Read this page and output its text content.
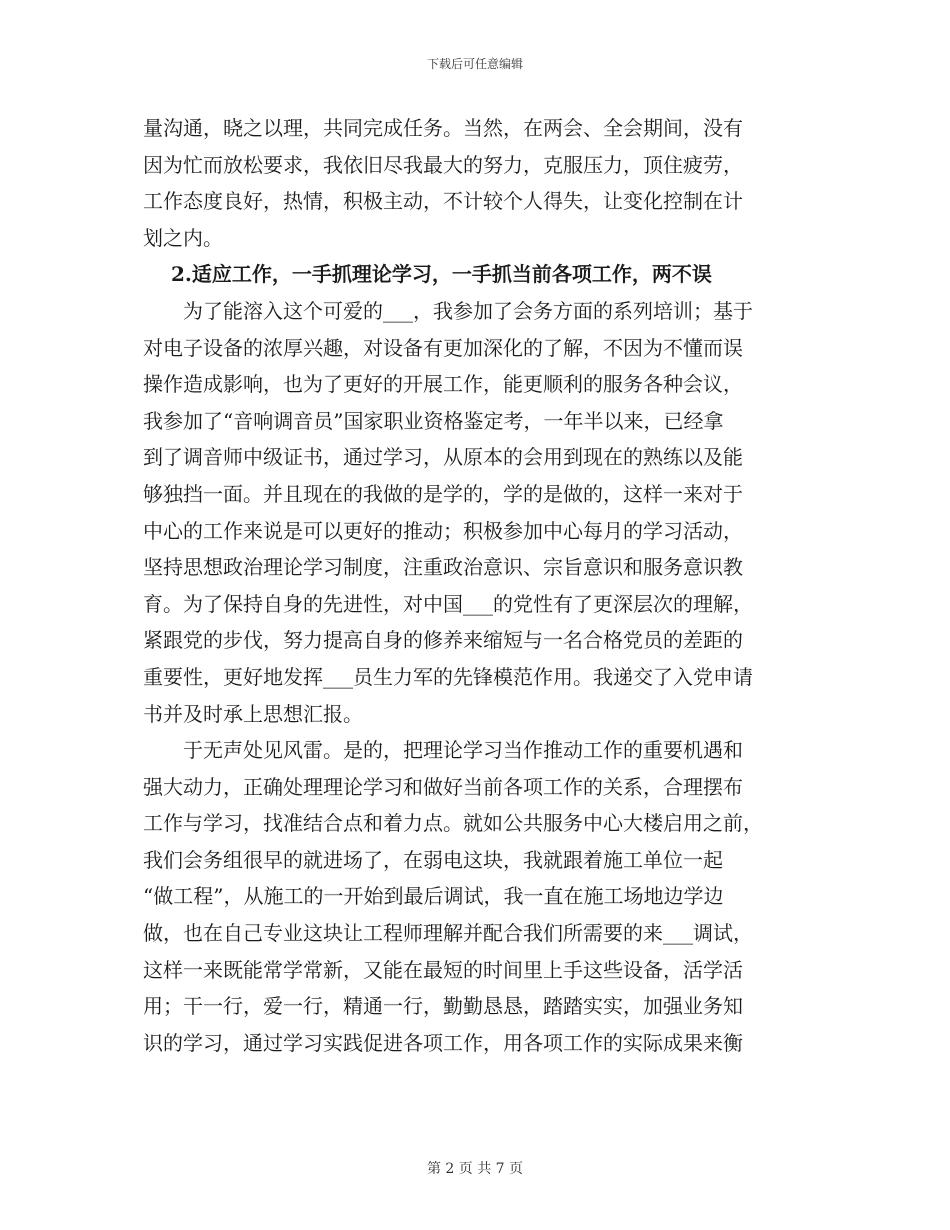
下载后可任意编辑
量沟通，晓之以理，共同完成任务。当然，在两会、全会期间，没有
因为忙而放松要求，我依旧尽我最大的努力，克服压力，顶住疲劳，
工作态度良好，热情，积极主动，不计较个人得失，让变化控制在计
划之内。
2.适应工作，一手抓理论学习，一手抓当前各项工作，两不误
为了能溶入这个可爱的___，我参加了会务方面的系列培训；基于
对电子设备的浓厚兴趣，对设备有更加深化的了解，不因为不懂而误
操作造成影响，也为了更好的开展工作，能更顺利的服务各种会议，
我参加了“音响调音员”国家职业资格鉴定考，一年半以来，已经拿
到了调音师中级证书，通过学习，从原本的会用到现在的熟练以及能
够独挡一面。并且现在的我做的是学的，学的是做的，这样一来对于
中心的工作来说是可以更好的推动；积极参加中心每月的学习活动，
坚持思想政治理论学习制度，注重政治意识、宗旨意识和服务意识教
育。为了保持自身的先进性，对中国___的党性有了更深层次的理解，
紧跟党的步伐，努力提高自身的修养来缩短与一名合格党员的差距的
重要性，更好地发挥___员生力军的先锋模范作用。我递交了入党申请
书并及时承上思想汇报。
于无声处见风雷。是的，把理论学习当作推动工作的重要机遇和
强大动力，正确处理理论学习和做好当前各项工作的关系，合理摆布
工作与学习，找准结合点和着力点。就如公共服务中心大楼启用之前，
我们会务组很早的就进场了，在弱电这块，我就跟着施工单位一起
“做工程”，从施工的一开始到最后调试，我一直在施工场地边学边
做，也在自己专业这块让工程师理解并配合我们所需要的来___调试，
这样一来既能常学常新，又能在最短的时间里上手这些设备，活学活
用；干一行，爱一行，精通一行，勤勤恳恳，踏踏实实，加强业务知
识的学习，通过学习实践促进各项工作，用各项工作的实际成果来衡
第 2 页 共 7 页
